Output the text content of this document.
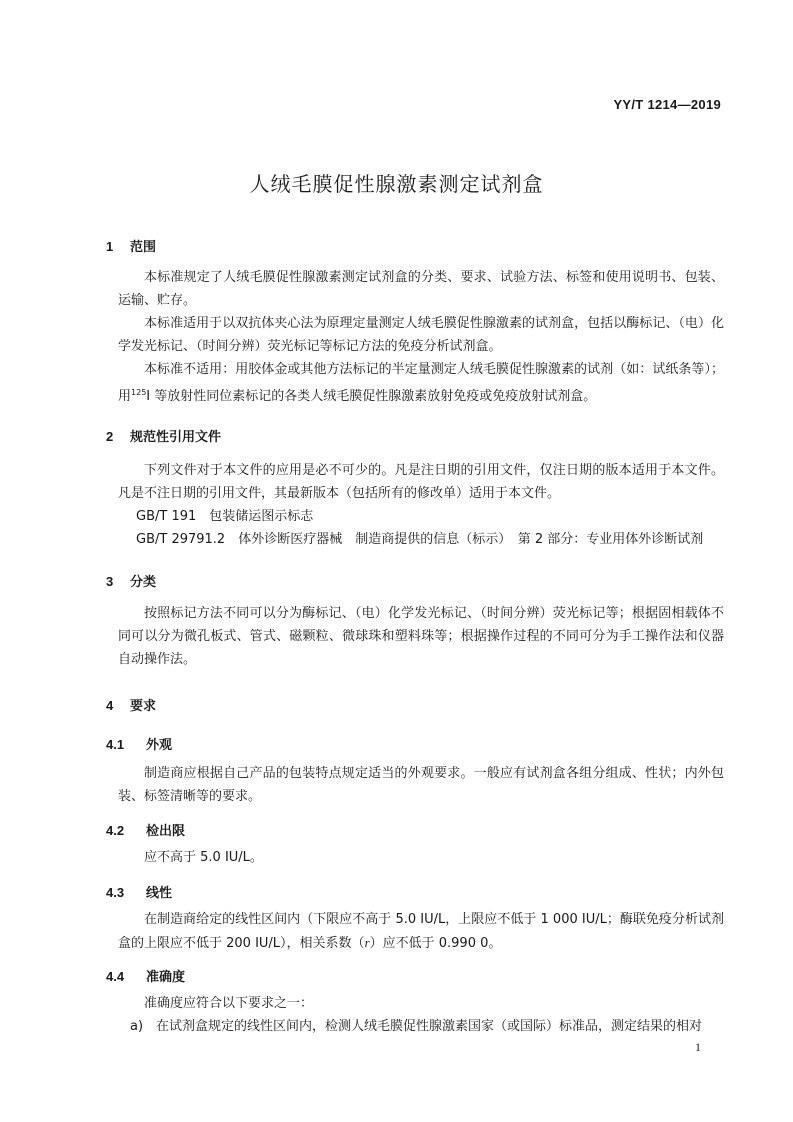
YY/T 1214—2019
人绒毛膜促性腺激素测定试剂盒
1 范围

本标准规定了人绒毛膜促性腺激素测定试剂盒的分类、要求、试验方法、标签和使用说明书、包装、运输、贮存。

本标准适用于以双抗体夹心法为原理定量测定人绒毛膜促性腺激素的试剂盒，包括以酶标记、（电）化学发光标记、（时间分辨）荧光标记等标记方法的免疫分析试剂盒。

本标准不适用：用胶体金或其他方法标记的半定量测定人绒毛膜促性腺激素的试剂（如：试纸条等）；用$^{125}$I 等放射性同位素标记的各类人绒毛膜促性腺激素放射免疫或免疫放射试剂盒。

2 规范性引用文件

下列文件对于本文件的应用是必不可少的。凡是注日期的引用文件，仅注日期的版本适用于本文件。凡是不注日期的引用文件，其最新版本（包括所有的修改单）适用于本文件。

GB/T 191　包装储运图示标志
GB/T 29791.2　体外诊断医疗器械　制造商提供的信息（标示）　第 2 部分：专业用体外诊断试剂
3 分类

按照标记方法不同可以分为酶标记、（电）化学发光标记、（时间分辨）荧光标记等；根据固相载体不同可以分为微孔板式、管式、磁颗粒、微球珠和塑料珠等；根据操作过程的不同可分为手工操作法和仪器自动操作法。

4 要求
4.1 外观

制造商应根据自己产品的包装特点规定适当的外观要求。一般应有试剂盒各组分组成、性状；内外包装、标签清晰等的要求。

4.2 检出限

应不高于 5.0 IU/L。

4.3 线性

在制造商给定的线性区间内（下限应不高于 5.0 IU/L，上限应不低于 1 000 IU/L；酶联免疫分析试剂盒的上限应不低于 200 IU/L），相关系数（r）应不低于 0.990 0。

4.4 准确度

准确度应符合以下要求之一：

a) 在试剂盒规定的线性区间内，检测人绒毛膜促性腺激素国家（或国际）标准品，测定结果的相对

1
